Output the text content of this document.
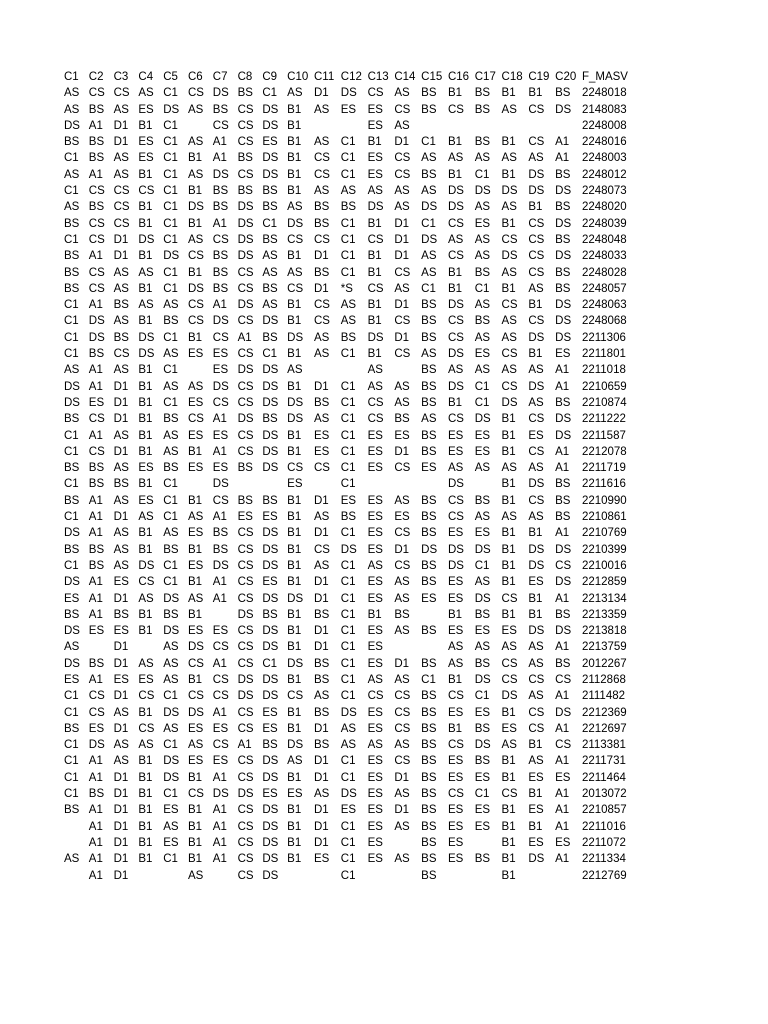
C1	C2	C3	C4	C5	C6	C7	C8	C9	C10	C11	C12	C13	C14	C15	C16	C17	C18	C19	C20	F_MASV
AS	CS	CS	AS	C1	CS	DS	BS	C1	AS	D1	DS	CS	AS	BS	B1	BS	B1	B1	BS	2248018
AS	BS	AS	ES	DS	AS	BS	CS	DS	B1	AS	ES	ES	CS	BS	CS	BS	AS	CS	DS	2148083
DS	A1	D1	B1	C1		CS	CS	DS	B1			ES	AS							2248008
BS	BS	D1	ES	C1	AS	A1	CS	ES	B1	AS	C1	B1	D1	C1	B1	BS	B1	CS	A1	2248016
C1	BS	AS	ES	C1	B1	A1	BS	DS	B1	CS	C1	ES	CS	AS	AS	AS	AS	AS	A1	2248003
AS	A1	AS	B1	C1	AS	DS	CS	DS	B1	CS	C1	ES	CS	BS	B1	C1	B1	DS	BS	2248012
C1	CS	CS	CS	C1	B1	BS	BS	BS	B1	AS	AS	AS	AS	AS	DS	DS	DS	DS	DS	2248073
AS	BS	CS	B1	C1	DS	BS	DS	BS	AS	BS	BS	DS	AS	DS	DS	AS	AS	B1	BS	2248020
BS	CS	CS	B1	C1	B1	A1	DS	C1	DS	BS	C1	B1	D1	C1	CS	ES	B1	CS	DS	2248039
C1	CS	D1	DS	C1	AS	CS	DS	BS	CS	CS	C1	CS	D1	DS	AS	AS	CS	CS	BS	2248048
BS	A1	D1	B1	DS	CS	BS	DS	AS	B1	D1	C1	B1	D1	AS	CS	AS	DS	CS	DS	2248033
BS	CS	AS	AS	C1	B1	BS	CS	AS	AS	BS	C1	B1	CS	AS	B1	BS	AS	CS	BS	2248028
BS	CS	AS	B1	C1	DS	BS	CS	BS	CS	D1	*S	CS	AS	C1	B1	C1	B1	AS	BS	2248057
C1	A1	BS	AS	AS	CS	A1	DS	AS	B1	CS	AS	B1	D1	BS	DS	AS	CS	B1	DS	2248063
C1	DS	AS	B1	BS	CS	DS	CS	DS	B1	CS	AS	B1	CS	BS	CS	BS	AS	CS	DS	2248068
C1	DS	BS	DS	C1	B1	CS	A1	BS	DS	AS	BS	DS	D1	BS	CS	AS	AS	DS	DS	2211306
C1	BS	CS	DS	AS	ES	ES	CS	C1	B1	AS	C1	B1	CS	AS	DS	ES	CS	B1	ES	2211801
AS	A1	AS	B1	C1		ES	DS	DS	AS			AS		BS	AS	AS	AS	AS	A1	2211018
DS	A1	D1	B1	AS	AS	DS	CS	DS	B1	D1	C1	AS	AS	BS	DS	C1	CS	DS	A1	2210659
DS	ES	D1	B1	C1	ES	CS	CS	DS	DS	BS	C1	CS	AS	BS	B1	C1	DS	AS	BS	2210874
BS	CS	D1	B1	BS	CS	A1	DS	BS	DS	AS	C1	CS	BS	AS	CS	DS	B1	CS	DS	2211222
C1	A1	AS	B1	AS	ES	ES	CS	DS	B1	ES	C1	ES	ES	BS	ES	ES	B1	ES	DS	2211587
C1	CS	D1	B1	AS	B1	A1	CS	DS	B1	ES	C1	ES	D1	BS	ES	ES	B1	CS	A1	2212078
BS	BS	AS	ES	BS	ES	ES	BS	DS	CS	CS	C1	ES	CS	ES	AS	AS	AS	AS	A1	2211719
C1	BS	BS	B1	C1		DS			ES		C1				DS		B1	DS	BS	2211616
BS	A1	AS	ES	C1	B1	CS	BS	BS	B1	D1	ES	ES	AS	BS	CS	BS	B1	CS	BS	2210990
C1	A1	D1	AS	C1	AS	A1	ES	ES	B1	AS	BS	ES	ES	BS	CS	AS	AS	AS	BS	2210861
DS	A1	AS	B1	AS	ES	BS	CS	DS	B1	D1	C1	ES	CS	BS	ES	ES	B1	B1	A1	2210769
BS	BS	AS	B1	BS	B1	BS	CS	DS	B1	CS	DS	ES	D1	DS	DS	DS	B1	DS	DS	2210399
C1	BS	AS	DS	C1	ES	DS	CS	DS	B1	AS	C1	AS	CS	BS	DS	C1	B1	DS	CS	2210016
DS	A1	ES	CS	C1	B1	A1	CS	ES	B1	D1	C1	ES	AS	BS	ES	AS	B1	ES	DS	2212859
ES	A1	D1	AS	DS	AS	A1	CS	DS	DS	D1	C1	ES	AS	ES	ES	DS	CS	B1	A1	2213134
BS	A1	BS	B1	BS	B1		DS	BS	B1	BS	C1	B1	BS		B1	BS	B1	B1	BS	2213359
DS	ES	ES	B1	DS	ES	ES	CS	DS	B1	D1	C1	ES	AS	BS	ES	ES	ES	DS	DS	2213818
AS		D1		AS	DS	CS	CS	DS	B1	D1	C1	ES			AS	AS	AS	AS	A1	2213759
DS	BS	D1	AS	AS	CS	A1	CS	C1	DS	BS	C1	ES	D1	BS	AS	BS	CS	AS	BS	2012267
ES	A1	ES	ES	AS	B1	CS	DS	DS	B1	BS	C1	AS	AS	C1	B1	DS	CS	CS	CS	2112868
C1	CS	D1	CS	C1	CS	CS	DS	DS	CS	AS	C1	CS	CS	BS	CS	C1	DS	AS	A1	2111482
C1	CS	AS	B1	DS	DS	A1	CS	ES	B1	BS	DS	ES	CS	BS	ES	ES	B1	CS	DS	2212369
BS	ES	D1	CS	AS	ES	ES	CS	ES	B1	D1	AS	ES	CS	BS	B1	BS	ES	CS	A1	2212697
C1	DS	AS	AS	C1	AS	CS	A1	BS	DS	BS	AS	AS	AS	BS	CS	DS	AS	B1	CS	2113381
C1	A1	AS	B1	DS	ES	ES	CS	DS	AS	D1	C1	ES	CS	BS	ES	BS	B1	AS	A1	2211731
C1	A1	D1	B1	DS	B1	A1	CS	DS	B1	D1	C1	ES	D1	BS	ES	ES	B1	ES	ES	2211464
C1	BS	D1	B1	C1	CS	DS	DS	ES	ES	AS	DS	ES	AS	BS	CS	C1	CS	B1	A1	2013072
BS	A1	D1	B1	ES	B1	A1	CS	DS	B1	D1	ES	ES	D1	BS	ES	ES	B1	ES	A1	2210857
	A1	D1	B1	AS	B1	A1	CS	DS	B1	D1	C1	ES	AS	BS	ES	ES	B1	B1	A1	2211016
	A1	D1	B1	ES	B1	A1	CS	DS	B1	D1	C1	ES		BS	ES		B1	ES	ES	2211072
AS	A1	D1	B1	C1	B1	A1	CS	DS	B1	ES	C1	ES	AS	BS	ES	BS	B1	DS	A1	2211334
	A1	D1			AS		CS	DS			C1			BS			B1			2212769
